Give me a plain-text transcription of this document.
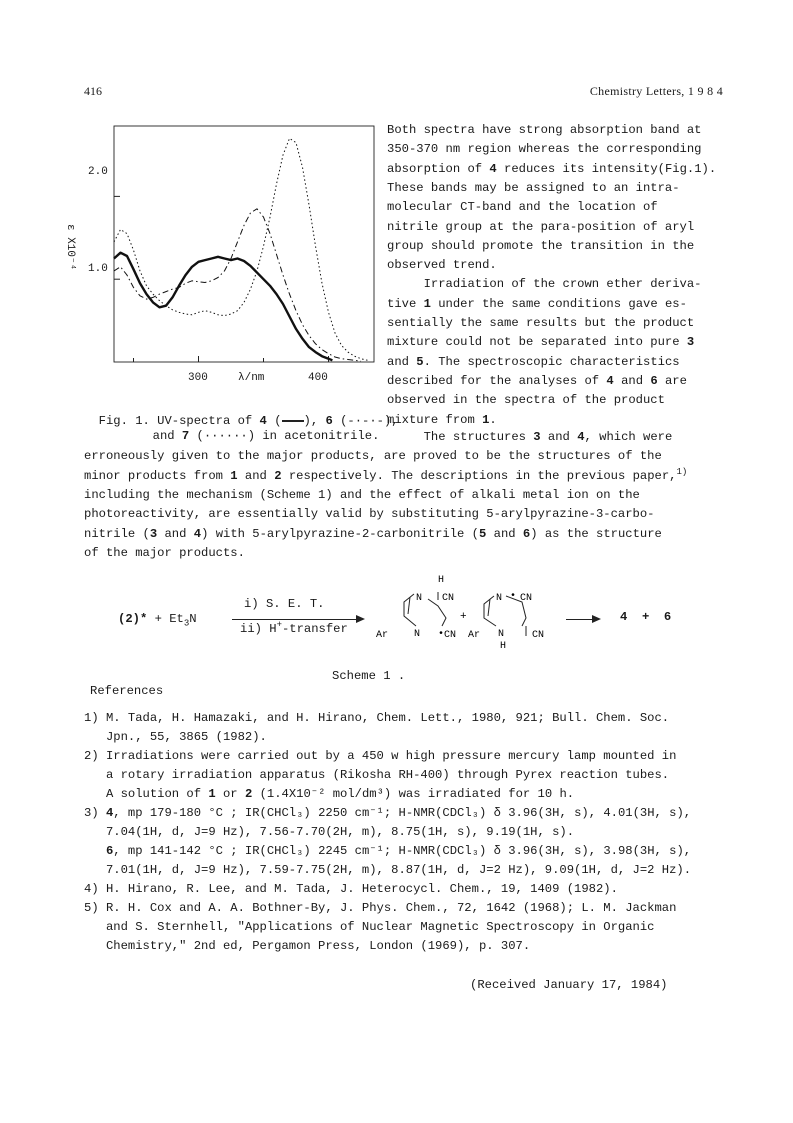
416	Chemistry Letters, 1 9 8 4
ε X10⁻⁴
300	λ/nm	400
2.0
1.0

Fig. 1. UV-spectra of 4 ( ), 6 (-·-·-),

and 7 (······) in acetonitrile.

Both spectra have strong absorption band at
350-370 nm region whereas the corresponding
absorption of 4 reduces its intensity(Fig.1).
These bands may be assigned to an intra-
molecular CT-band and the location of
nitrile group at the para-position of aryl
group should promote the transition in the
observed trend.
Irradiation of the crown ether deriva-
tive 1 under the same conditions gave es-
sentially the same results but the product
mixture could not be separated into pure 3
and 5. The spectroscopic characteristics
described for the analyses of 4 and 6 are
observed in the spectra of the product
mixture from 1.
The structures 3 and 4, which were
erroneously given to the major products, are proved to be the structures of the
minor products from 1 and 2 respectively. The descriptions in the previous paper,$^{1)}$
including the mechanism (Scheme 1) and the effect of alkali metal ion on the
photoreactivity, are essentially valid by substituting 5-arylpyrazine-3-carbo-
nitrile (3 and 4) with 5-arylpyrazine-2-carbonitrile (5 and 6) as the structure
of the major products.
$(2)* + Et_3N$
i) S. E. T.
ii) H+-transfer
H
N CN
Ar	N • CN
+
Ar
N • CN
N	CN
H
4  +  6
Scheme 1 .
References
1) M. Tada, H. Hamazaki, and H. Hirano, Chem. Lett., 1980, 921; Bull. Chem. Soc.
Jpn., 55, 3865 (1982).
2) Irradiations were carried out by a 450 w high pressure mercury lamp mounted in
a rotary irradiation apparatus (Rikosha RH-400) through Pyrex reaction tubes.
A solution of 1 or 2 (1.4X10⁻² mol/dm³) was irradiated for 10 h.
3) 4, mp 179-180 °C ; IR(CHCl₃) 2250 cm⁻¹; H-NMR(CDCl₃) δ 3.96(3H, s), 4.01(3H, s),
7.04(1H, d, J=9 Hz), 7.56-7.70(2H, m), 8.75(1H, s), 9.19(1H, s).
6, mp 141-142 °C ; IR(CHCl₃) 2245 cm⁻¹; H-NMR(CDCl₃) δ 3.96(3H, s), 3.98(3H, s),
7.01(1H, d, J=9 Hz), 7.59-7.75(2H, m), 8.87(1H, d, J=2 Hz), 9.09(1H, d, J=2 Hz).
4) H. Hirano, R. Lee, and M. Tada, J. Heterocycl. Chem., 19, 1409 (1982).
5) R. H. Cox and A. A. Bothner-By, J. Phys. Chem., 72, 1642 (1968); L. M. Jackman
and S. Sternhell, "Applications of Nuclear Magnetic Spectroscopy in Organic
Chemistry," 2nd ed, Pergamon Press, London (1969), p. 307.
(Received January 17, 1984)
